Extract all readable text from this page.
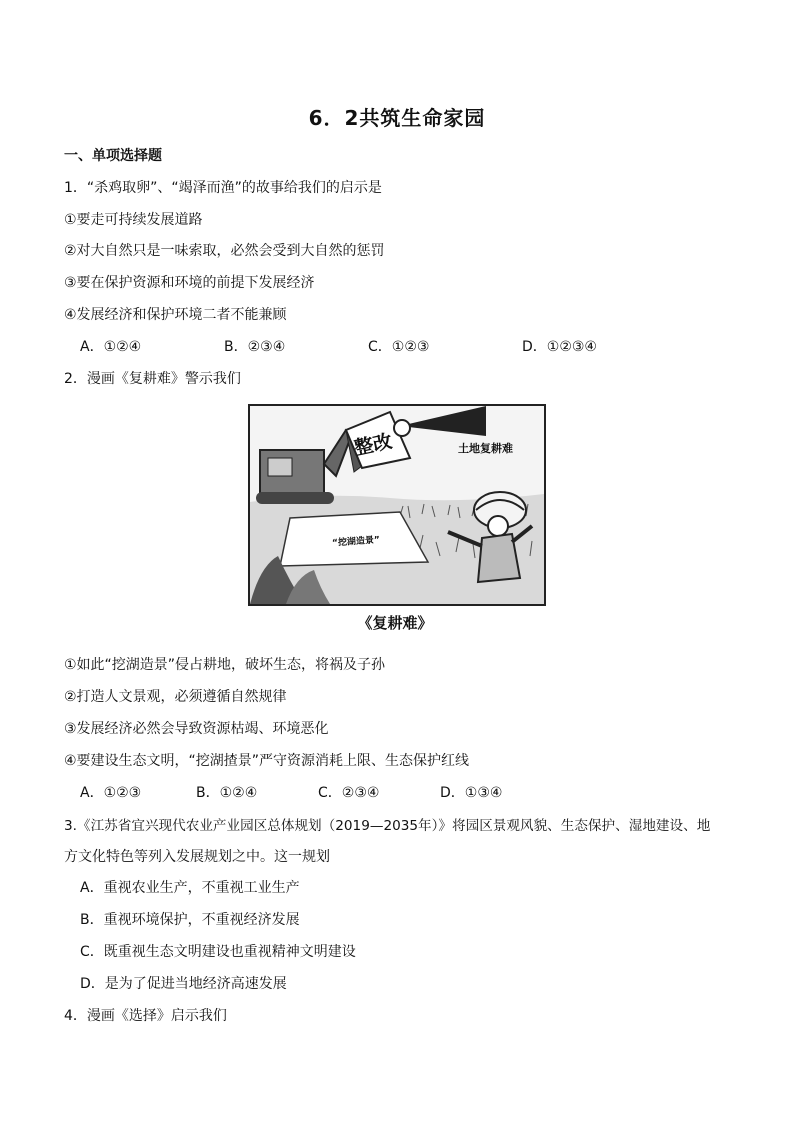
6．2共筑生命家园
一、单项选择题
1．“杀鸡取卵”、“竭泽而渔”的故事给我们的启示是
①要走可持续发展道路
②对大自然只是一味索取，必然会受到大自然的惩罚
③要在保护资源和环境的前提下发展经济
④发展经济和保护环境二者不能兼顾
A．①②④	B．②③④	C．①②③	D．①②③④
2．漫画《复耕难》警示我们
整改	土地复耕难
“挖湖造景”
《复耕难》
①如此“挖湖造景”侵占耕地，破坏生态，将祸及子孙
②打造人文景观，必须遵循自然规律
③发展经济必然会导致资源枯竭、环境恶化
④要建设生态文明，“挖湖揸景”严守资源消耗上限、生态保护红线
A．①②③	B．①②④	C．②③④	D．①③④
3.《江苏省宜兴现代农业产业园区总体规划（2019—2035年）》将园区景观风貌、生态保护、湿地建设、地
方文化特色等列入发展规划之中。这一规划
A．重视农业生产，不重视工业生产
B．重视环境保护，不重视经济发展
C．既重视生态文明建设也重视精神文明建设
D．是为了促进当地经济高速发展
4．漫画《选择》启示我们
